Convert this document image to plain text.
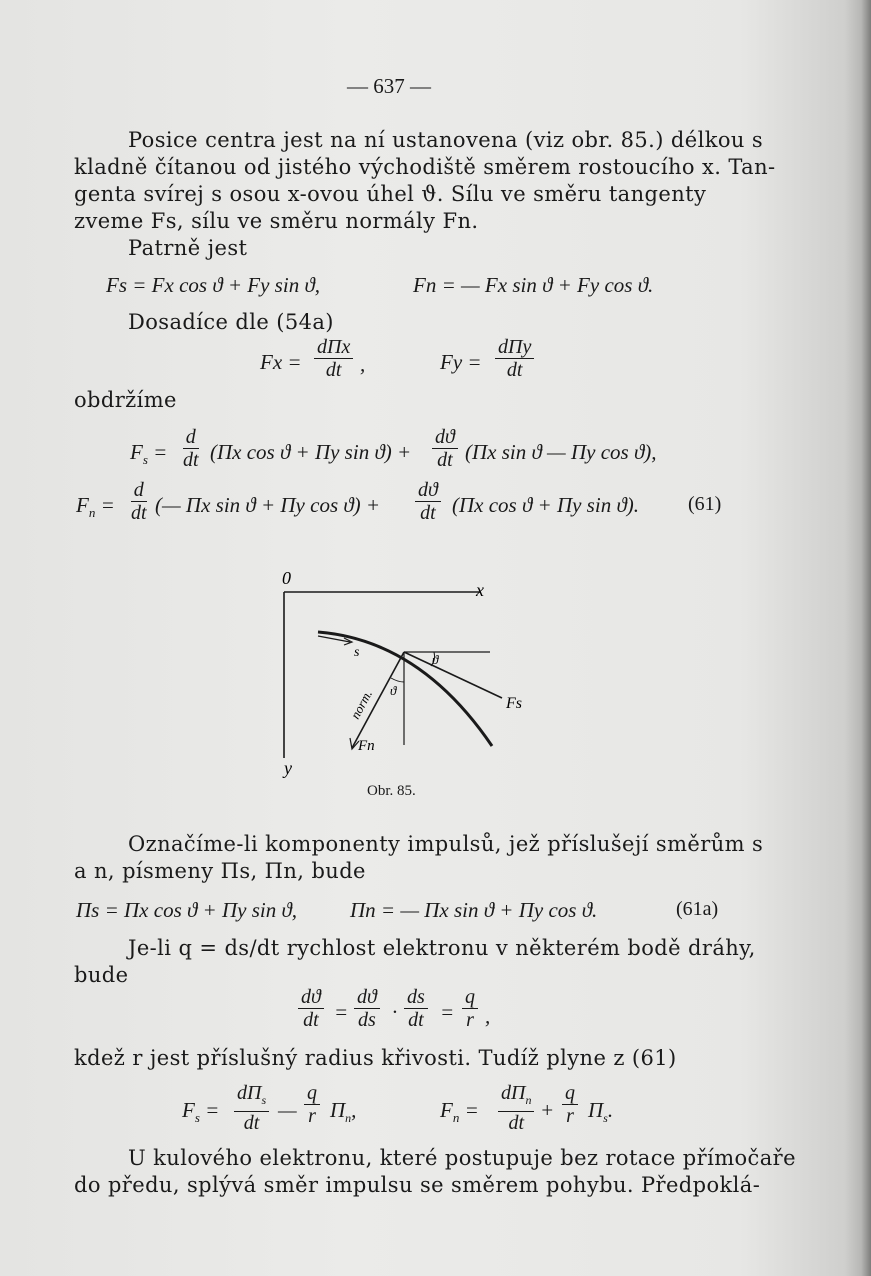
— 637 —
Posice centra jest na ní ustanovena (viz obr. 85.) délkou s
kladně čítanou od jistého východiště směrem rostoucího x. Tan-
genta svírej s osou x-ovou úhel ϑ. Sílu ve směru tangenty
zveme Fs, sílu ve směru normály Fn.
Patrně jest
Fs = Fx cos ϑ + Fy sin ϑ,	Fn = — Fx sin ϑ + Fy cos ϑ.
Dosadíce dle (54a)
Fx =
dΠx
dt ,	Fy =
dΠy
dt
obdržíme
$F_s = \frac{d}{dt} (\Pi x$ cos ϑ + Πy $\sin ϑ) + \frac{dϑ}{dt} (\Pi x$ sin ϑ — Πy cos ϑ),
$F_n = \frac{d}{dt}$ (— Πx sin ϑ + Πy $\cos ϑ) + \frac{dϑ}{dt} (\Pi x$ cos ϑ + Πy sin ϑ). (61)
0
x
y
s	ϑ
ϑ
norm.	Fs
Fn
Obr. 85.
Označíme-li komponenty impulsů, jež příslušejí směrům s
a n, písmeny Πs, Πn, bude
Πs = Πx cos ϑ + Πy sin ϑ,	Πn = — Πx sin ϑ + Πy cos ϑ.	(61a)
Je-li q = ds/dt rychlost elektronu v některém bodě dráhy,
bude
$\frac{dϑ}{dt} = \frac{dϑ}{ds} \cdot \frac{ds}{dt} = \frac{q}{r}$ ,
kdež r jest příslušný radius křivosti. Tudíž plyne z (61)
$F_s$ =
$d\Pi_s$
dt
— $\frac{q}{r} \Pi_n$,	$F_n$ =
$d\Pi_n$
dt
+ $\frac{q}{r} \Pi_s$.
U kulového elektronu, které postupuje bez rotace přímočaře
do předu, splývá směr impulsu se směrem pohybu. Předpoklá-
